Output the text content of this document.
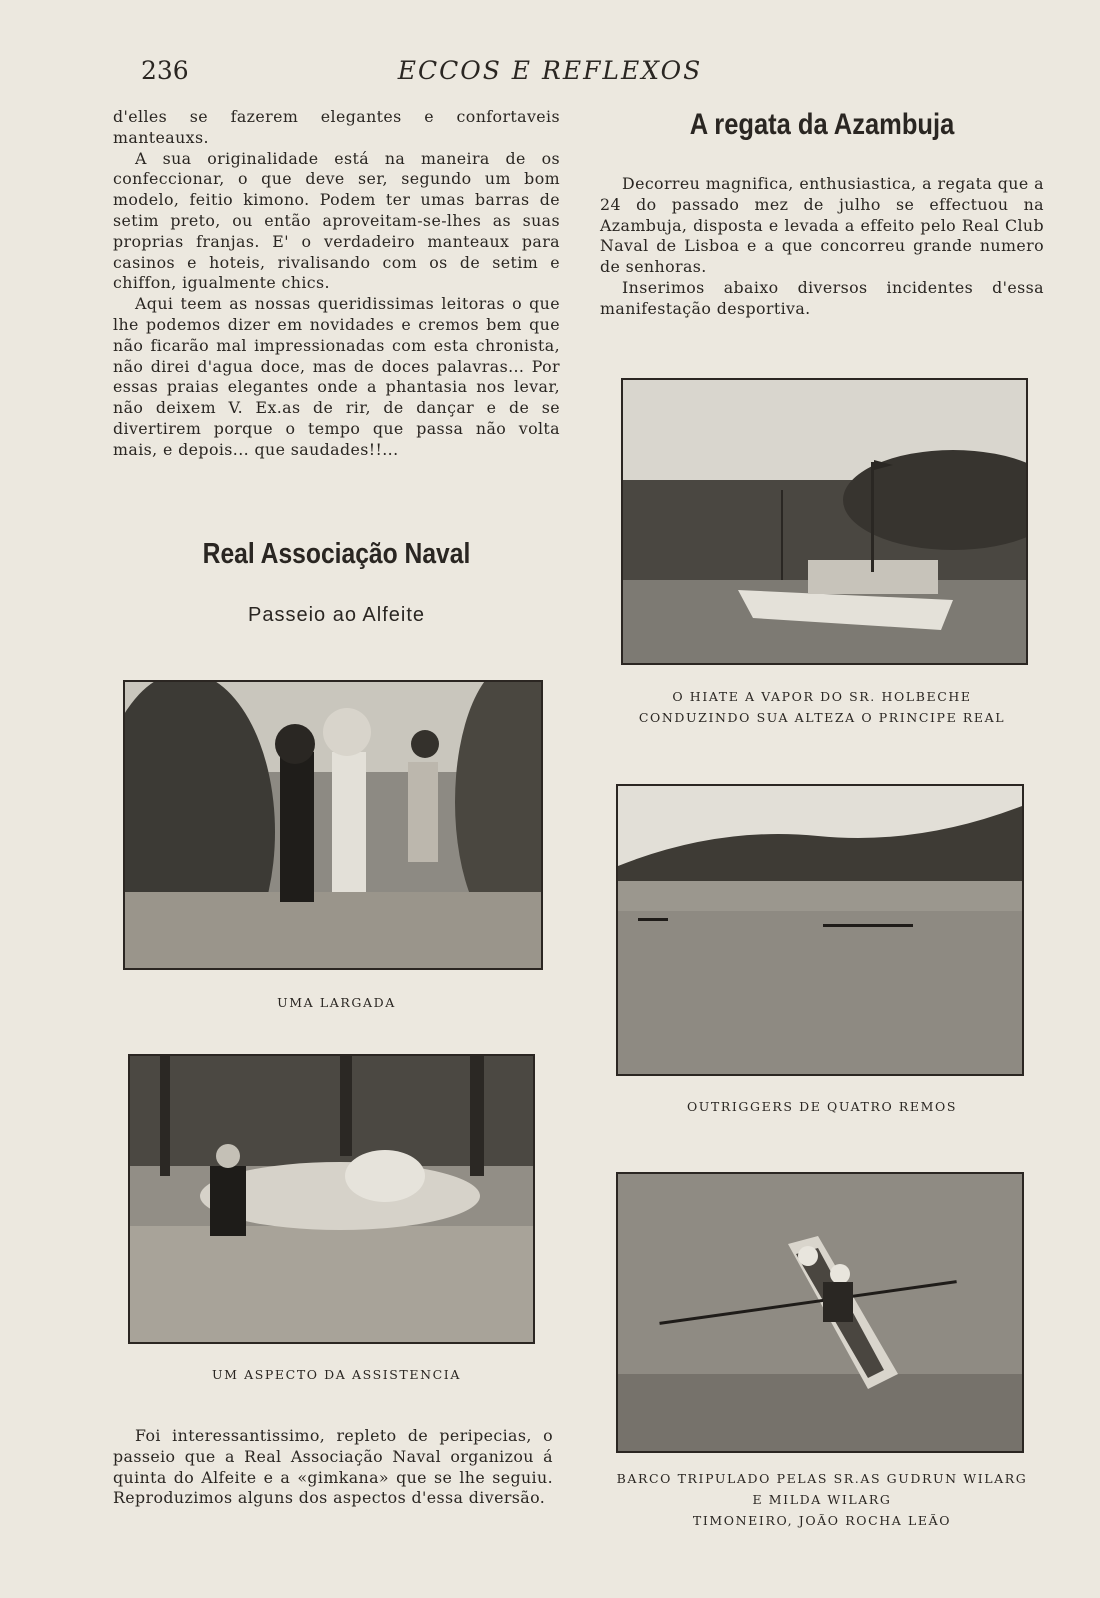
236	ECCOS E REFLEXOS

d'elles se fazerem elegantes e confortaveis manteauxs.

A sua originalidade está na maneira de os confeccionar, o que deve ser, segundo um bom modelo, feitio kimono. Podem ter umas barras de setim preto, ou então aproveitam-se-lhes as suas proprias franjas. E' o verdadeiro manteaux para casinos e hoteis, rivalisando com os de setim e chiffon, igualmente chics.

Aqui teem as nossas queridissimas leitoras o que lhe podemos dizer em novidades e cremos bem que não ficarão mal impressionadas com esta chronista, não direi d'agua doce, mas de doces palavras... Por essas praias elegantes onde a phantasia nos levar, não deixem V. Ex.as de rir, de dançar e de se divertirem porque o tempo que passa não volta mais, e depois... que saudades!!...

Real Associação Naval
Passeio ao Alfeite
UMA LARGADA
UM ASPECTO DA ASSISTENCIA

Foi interessantissimo, repleto de peripecias, o passeio que a Real Associação Naval organizou á quinta do Alfeite e a «gimkana» que se lhe seguiu. Reproduzimos alguns dos aspectos d'essa diversão.

A regata da Azambuja

Decorreu magnifica, enthusiastica, a regata que a 24 do passado mez de julho se effectuou na Azambuja, disposta e levada a effeito pelo Real Club Naval de Lisboa e a que concorreu grande numero de senhoras.

Inserimos abaixo diversos incidentes d'essa manifestação desportiva.

O HIATE A VAPOR DO SR. HOLBECHE
CONDUZINDO SUA ALTEZA O PRINCIPE REAL
OUTRIGGERS DE QUATRO REMOS
BARCO TRIPULADO PELAS SR.AS GUDRUN WILARG
E MILDA WILARG
TIMONEIRO, JOÃO ROCHA LEÃO
